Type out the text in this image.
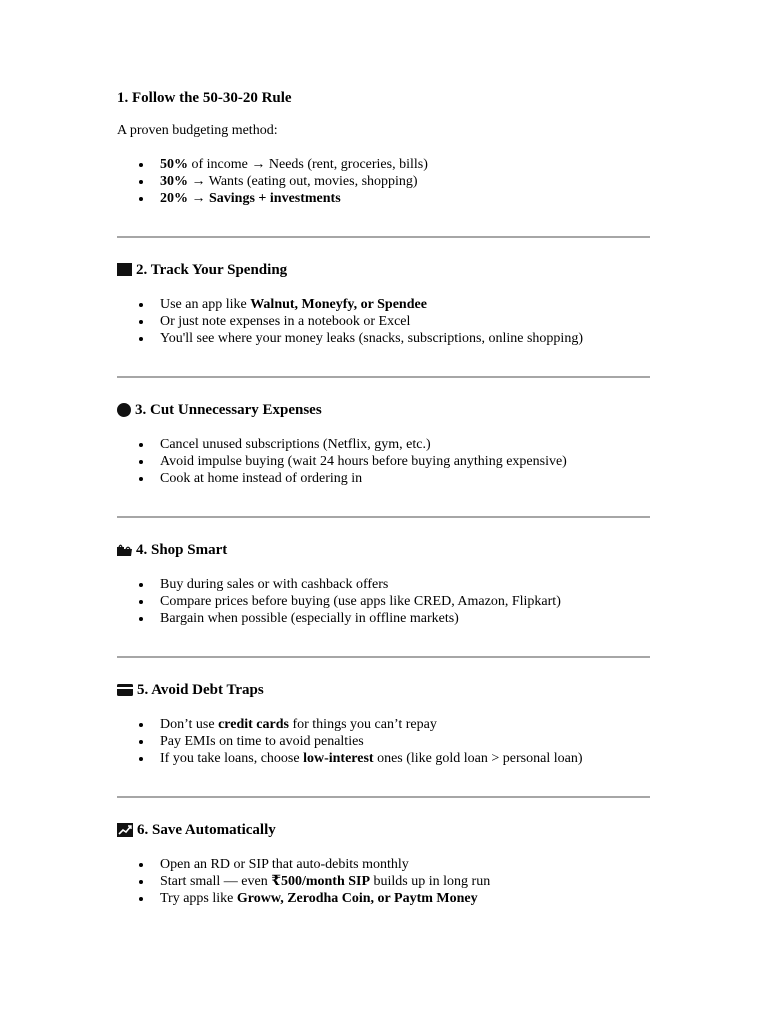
1. Follow the 50-30-20 Rule

A proven budgeting method:

50% of income → Needs (rent, groceries, bills)
30% → Wants (eating out, movies, shopping)
20% → Savings + investments
2. Track Your Spending
Use an app like Walnut, Moneyfy, or Spendee
Or just note expenses in a notebook or Excel
You'll see where your money leaks (snacks, subscriptions, online shopping)
3. Cut Unnecessary Expenses
Cancel unused subscriptions (Netflix, gym, etc.)
Avoid impulse buying (wait 24 hours before buying anything expensive)
Cook at home instead of ordering in
4. Shop Smart
Buy during sales or with cashback offers
Compare prices before buying (use apps like CRED, Amazon, Flipkart)
Bargain when possible (especially in offline markets)
5. Avoid Debt Traps
Don’t use credit cards for things you can’t repay
Pay EMIs on time to avoid penalties
If you take loans, choose low-interest ones (like gold loan > personal loan)
6. Save Automatically
Open an RD or SIP that auto-debits monthly
Start small — even ₹500/month SIP builds up in long run
Try apps like Groww, Zerodha Coin, or Paytm Money
